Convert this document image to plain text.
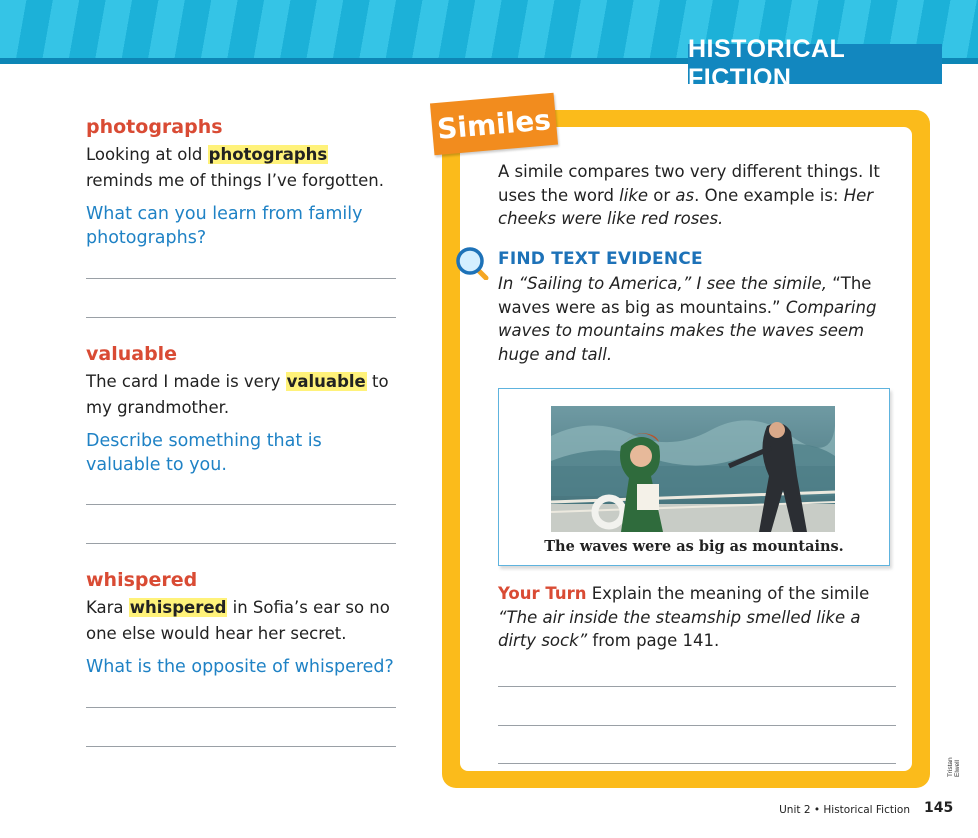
HISTORICAL FICTION

photographs

Looking at old photographs reminds me of things I’ve forgotten.

What can you learn from family photographs?

valuable

The card I made is very valuable to my grandmother.

Describe something that is valuable to you.

whispered

Kara whispered in Sofia’s ear so no one else would hear her secret.

What is the opposite of whispered?

Similes

A simile compares two very different things. It uses the word like or as. One example is: Her cheeks were like red roses.

FIND TEXT EVIDENCE

In “Sailing to America,” I see the simile, “The waves were as big as mountains.” Comparing waves to mountains makes the waves seem huge and tall.

The waves were as big as mountains.

Your Turn Explain the meaning of the simile “The air inside the steamship smelled like a dirty sock” from page 141.

Tristan Elwell
Unit 2 • Historical Fiction 145
